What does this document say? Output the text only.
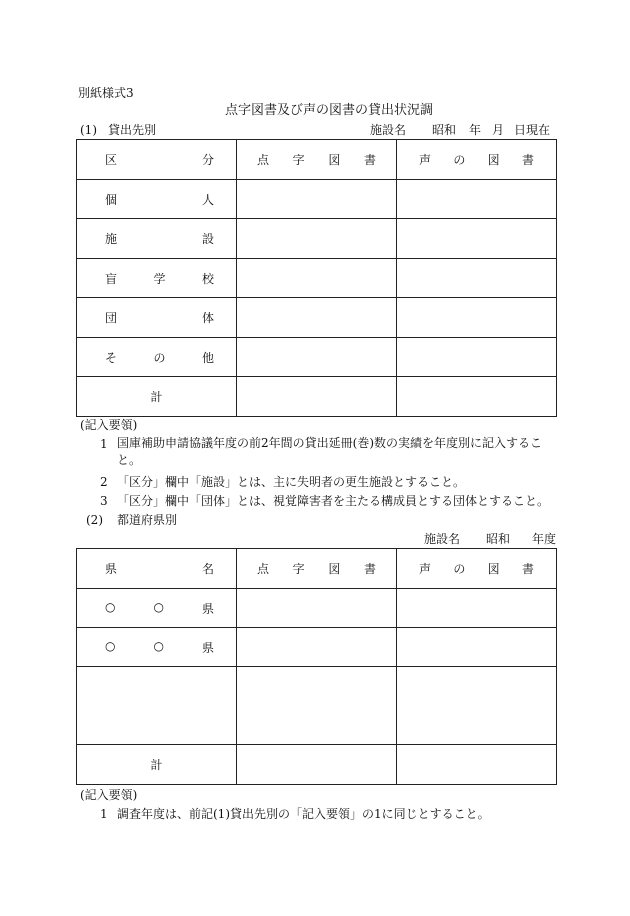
別紙様式3
点字図書及び声の図書の貸出状況調
(1) 貸出先別	施設名 昭和 年 月 日現在
区 分	点 字 図 書	声 の 図 書

個 人		

施 設		

盲 学 校		

団 体		

そ の 他		

計		
(記入要領)
1 国庫補助申請協議年度の前2年間の貸出延冊(巻)数の実績を年度別に記入すること。
2 「区分」欄中「施設」とは、主に失明者の更生施設とすること。
3 「区分」欄中「団体」とは、視覚障害者を主たる構成員とする団体とすること。
(2) 都道府県別
施設名 昭和 年度
県 名	点 字 図 書	声 の 図 書

○ ○ 県		

○ ○ 県		

計		
(記入要領)
1 調査年度は、前記(1)貸出先別の「記入要領」の1に同じとすること。
